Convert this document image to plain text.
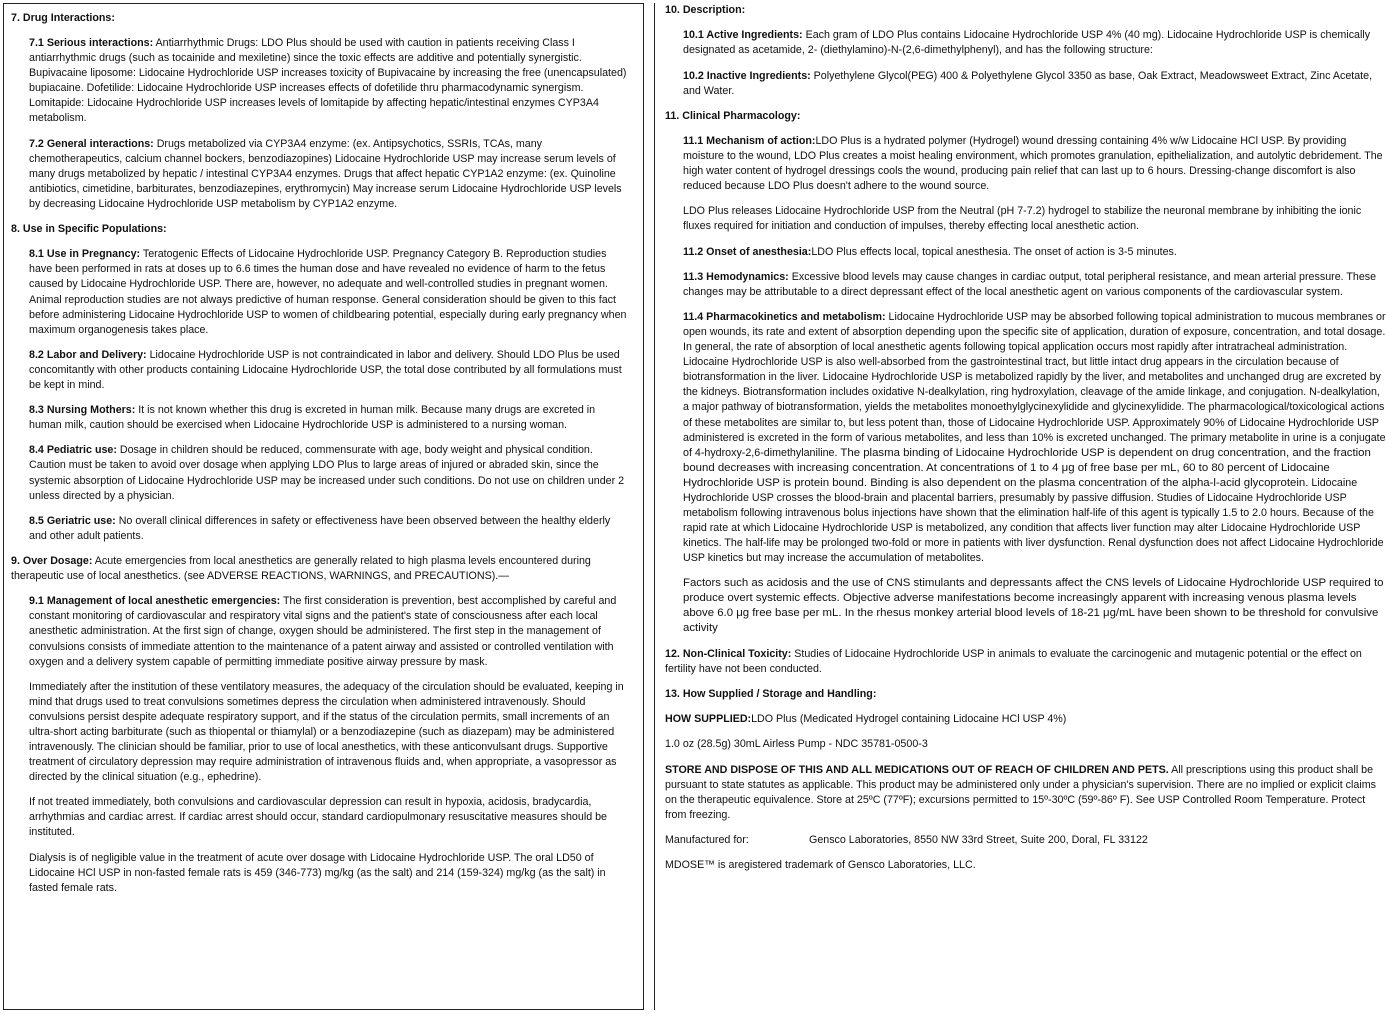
7. Drug Interactions:

7.1 Serious interactions: Antiarrhythmic Drugs: LDO Plus should be used with caution in patients receiving Class I antiarrhythmic drugs (such as tocainide and mexiletine) since the toxic effects are additive and potentially synergistic. Bupivacaine liposome: Lidocaine Hydrochloride USP increases toxicity of Bupivacaine by increasing the free (unencapsulated) bupiacaine. Dofetilide: Lidocaine Hydrochloride USP increases effects of dofetilide thru pharmacodynamic synergism. Lomitapide: Lidocaine Hydrochloride USP increases levels of lomitapide by affecting hepatic/intestinal enzymes CYP3A4 metabolism.

7.2 General interactions: Drugs metabolized via CYP3A4 enzyme: (ex. Antipsychotics, SSRIs, TCAs, many chemotherapeutics, calcium channel bockers, benzodiazopines) Lidocaine Hydrochloride USP may increase serum levels of many drugs metabolized by hepatic / intestinal CYP3A4 enzymes. Drugs that affect hepatic CYP1A2 enzyme: (ex. Quinoline antibiotics, cimetidine, barbiturates, benzodiazepines, erythromycin) May increase serum Lidocaine Hydrochloride USP levels by decreasing Lidocaine Hydrochloride USP metabolism by CYP1A2 enzyme.

8. Use in Specific Populations:

8.1 Use in Pregnancy: Teratogenic Effects of Lidocaine Hydrochloride USP. Pregnancy Category B. Reproduction studies have been performed in rats at doses up to 6.6 times the human dose and have revealed no evidence of harm to the fetus caused by Lidocaine Hydrochloride USP. There are, however, no adequate and well-controlled studies in pregnant women. Animal reproduction studies are not always predictive of human response. General consideration should be given to this fact before administering Lidocaine Hydrochloride USP to women of childbearing potential, especially during early pregnancy when maximum organogenesis takes place.

8.2 Labor and Delivery: Lidocaine Hydrochloride USP is not contraindicated in labor and delivery. Should LDO Plus be used concomitantly with other products containing Lidocaine Hydrochloride USP, the total dose contributed by all formulations must be kept in mind.

8.3 Nursing Mothers: It is not known whether this drug is excreted in human milk. Because many drugs are excreted in human milk, caution should be exercised when Lidocaine Hydrochloride USP is administered to a nursing woman.

8.4 Pediatric use: Dosage in children should be reduced, commensurate with age, body weight and physical condition. Caution must be taken to avoid over dosage when applying LDO Plus to large areas of injured or abraded skin, since the systemic absorption of Lidocaine Hydrochloride USP may be increased under such conditions. Do not use on children under 2 unless directed by a physician.

8.5 Geriatric use: No overall clinical differences in safety or effectiveness have been observed between the healthy elderly and other adult patients.

9. Over Dosage: Acute emergencies from local anesthetics are generally related to high plasma levels encountered during therapeutic use of local anesthetics. (see ADVERSE REACTIONS, WARNINGS, and PRECAUTIONS).—

9.1 Management of local anesthetic emergencies: The first consideration is prevention, best accomplished by careful and constant monitoring of cardiovascular and respiratory vital signs and the patient's state of consciousness after each local anesthetic administration. At the first sign of change, oxygen should be administered. The first step in the management of convulsions consists of immediate attention to the maintenance of a patent airway and assisted or controlled ventilation with oxygen and a delivery system capable of permitting immediate positive airway pressure by mask.

Immediately after the institution of these ventilatory measures, the adequacy of the circulation should be evaluated, keeping in mind that drugs used to treat convulsions sometimes depress the circulation when administered intravenously. Should convulsions persist despite adequate respiratory support, and if the status of the circulation permits, small increments of an ultra-short acting barbiturate (such as thiopental or thiamylal) or a benzodiazepine (such as diazepam) may be administered intravenously. The clinician should be familiar, prior to use of local anesthetics, with these anticonvulsant drugs. Supportive treatment of circulatory depression may require administration of intravenous fluids and, when appropriate, a vasopressor as directed by the clinical situation (e.g., ephedrine).

If not treated immediately, both convulsions and cardiovascular depression can result in hypoxia, acidosis, bradycardia, arrhythmias and cardiac arrest. If cardiac arrest should occur, standard cardiopulmonary resuscitative measures should be instituted.

Dialysis is of negligible value in the treatment of acute over dosage with Lidocaine Hydrochloride USP. The oral LD50 of Lidocaine HCl USP in non-fasted female rats is 459 (346-773) mg/kg (as the salt) and 214 (159-324) mg/kg (as the salt) in fasted female rats.

10. Description:

10.1 Active Ingredients: Each gram of LDO Plus contains Lidocaine Hydrochloride USP 4% (40 mg). Lidocaine Hydrochloride USP is chemically designated as acetamide, 2- (diethylamino)-N-(2,6-dimethylphenyl), and has the following structure:

10.2 Inactive Ingredients: Polyethylene Glycol(PEG) 400 & Polyethylene Glycol 3350 as base, Oak Extract, Meadowsweet Extract, Zinc Acetate, and Water.

11. Clinical Pharmacology:

11.1 Mechanism of action:LDO Plus is a hydrated polymer (Hydrogel) wound dressing containing 4% w/w Lidocaine HCl USP. By providing moisture to the wound, LDO Plus creates a moist healing environment, which promotes granulation, epithelialization, and autolytic debridement. The high water content of hydrogel dressings cools the wound, producing pain relief that can last up to 6 hours. Dressing-change discomfort is also reduced because LDO Plus doesn't adhere to the wound source.

LDO Plus releases Lidocaine Hydrochloride USP from the Neutral (pH 7-7.2) hydrogel to stabilize the neuronal membrane by inhibiting the ionic fluxes required for initiation and conduction of impulses, thereby effecting local anesthetic action.

11.2 Onset of anesthesia:LDO Plus effects local, topical anesthesia. The onset of action is 3-5 minutes.

11.3 Hemodynamics: Excessive blood levels may cause changes in cardiac output, total peripheral resistance, and mean arterial pressure. These changes may be attributable to a direct depressant effect of the local anesthetic agent on various components of the cardiovascular system.

11.4 Pharmacokinetics and metabolism: Lidocaine Hydrochloride USP may be absorbed following topical administration to mucous membranes or open wounds, its rate and extent of absorption depending upon the specific site of application, duration of exposure, concentration, and total dosage. In general, the rate of absorption of local anesthetic agents following topical application occurs most rapidly after intratracheal administration. Lidocaine Hydrochloride USP is also well-absorbed from the gastrointestinal tract, but little intact drug appears in the circulation because of biotransformation in the liver. Lidocaine Hydrochloride USP is metabolized rapidly by the liver, and metabolites and unchanged drug are excreted by the kidneys. Biotransformation includes oxidative N-dealkylation, ring hydroxylation, cleavage of the amide linkage, and conjugation. N-dealkylation, a major pathway of biotransformation, yields the metabolites monoethylglycinexylidide and glycinexylidide. The pharmacological/toxicological actions of these metabolites are similar to, but less potent than, those of Lidocaine Hydrochloride USP. Approximately 90% of Lidocaine Hydrochloride USP administered is excreted in the form of various metabolites, and less than 10% is excreted unchanged. The primary metabolite in urine is a conjugate of 4-hydroxy-2,6-dimethylaniline. The plasma binding of Lidocaine Hydrochloride USP is dependent on drug concentration, and the fraction bound decreases with increasing concentration. At concentrations of 1 to 4 μg of free base per mL, 60 to 80 percent of Lidocaine Hydrochloride USP is protein bound. Binding is also dependent on the plasma concentration of the alpha-l-acid glycoprotein. Lidocaine Hydrochloride USP crosses the blood-brain and placental barriers, presumably by passive diffusion. Studies of Lidocaine Hydrochloride USP metabolism following intravenous bolus injections have shown that the elimination half-life of this agent is typically 1.5 to 2.0 hours. Because of the rapid rate at which Lidocaine Hydrochloride USP is metabolized, any condition that affects liver function may alter Lidocaine Hydrochloride USP kinetics. The half-life may be prolonged two-fold or more in patients with liver dysfunction. Renal dysfunction does not affect Lidocaine Hydrochloride USP kinetics but may increase the accumulation of metabolites.

Factors such as acidosis and the use of CNS stimulants and depressants affect the CNS levels of Lidocaine Hydrochloride USP required to produce overt systemic effects. Objective adverse manifestations become increasingly apparent with increasing venous plasma levels above 6.0 μg free base per mL. In the rhesus monkey arterial blood levels of 18-21 μg/mL have been shown to be threshold for convulsive activity

12. Non-Clinical Toxicity: Studies of Lidocaine Hydrochloride USP in animals to evaluate the carcinogenic and mutagenic potential or the effect on fertility have not been conducted.

13. How Supplied / Storage and Handling:

HOW SUPPLIED:LDO Plus (Medicated Hydrogel containing Lidocaine HCl USP 4%)

1.0 oz (28.5g) 30mL Airless Pump - NDC 35781-0500-3

STORE AND DISPOSE OF THIS AND ALL MEDICATIONS OUT OF REACH OF CHILDREN AND PETS. All prescriptions using this product shall be pursuant to state statutes as applicable. This product may be administered only under a physician's supervision. There are no implied or explicit claims on the therapeutic equivalence. Store at 25ºC (77ºF); excursions permitted to 15º-30ºC (59º-86º F). See USP Controlled Room Temperature. Protect from freezing.

Manufactured for:	Gensco Laboratories, 8550 NW 33rd Street, Suite 200, Doral, FL 33122

MDOSE™ is aregistered trademark of Gensco Laboratories, LLC.
